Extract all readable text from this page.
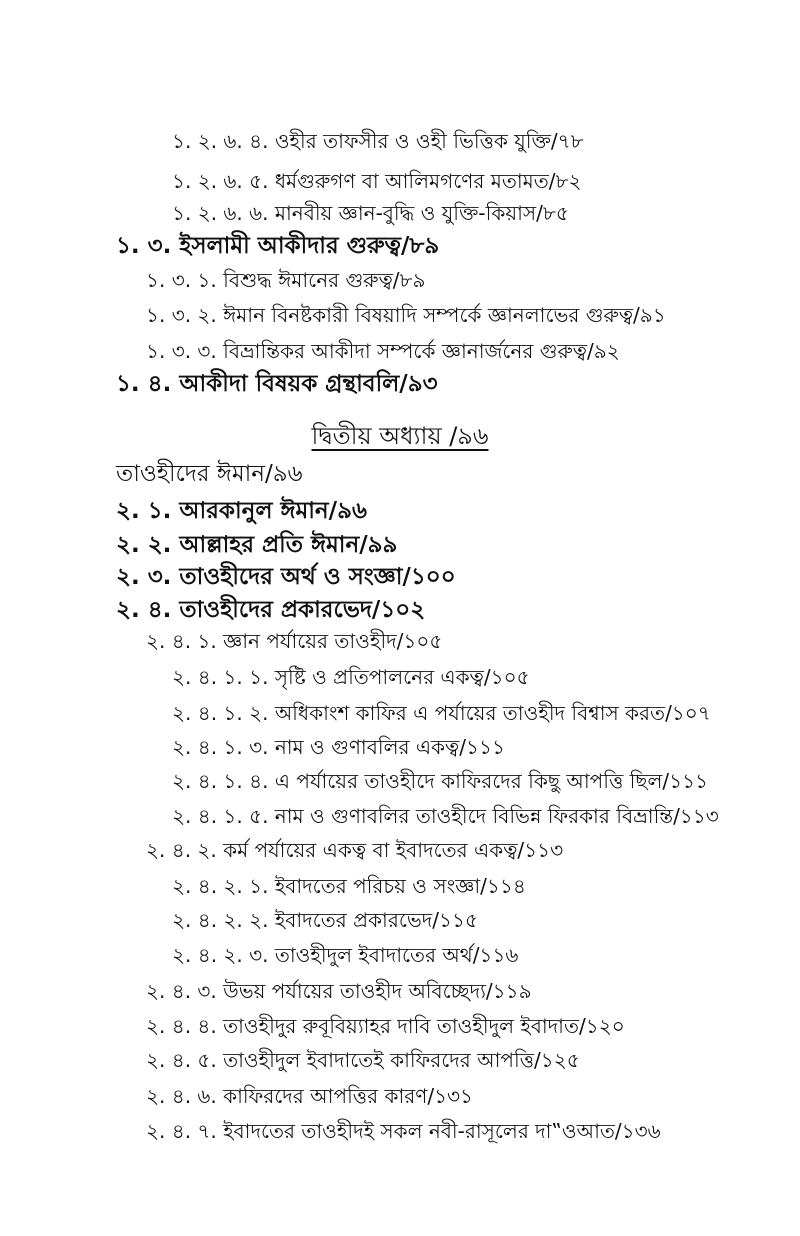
১. ২. ৬. ৪. ওহীর তাফসীর ও ওহী ভিত্তিক যুক্তি/৭৮
১. ২. ৬. ৫. ধর্মগুরুগণ বা আলিমগণের মতামত/৮২
১. ২. ৬. ৬. মানবীয় জ্ঞান-বুদ্ধি ও যুক্তি-কিয়াস/৮৫
১. ৩. ইসলামী আকীদার গুরুত্ব/৮৯
১. ৩. ১. বিশুদ্ধ ঈমানের গুরুত্ব/৮৯
১. ৩. ২. ঈমান বিনষ্টকারী বিষয়াদি সম্পর্কে জ্ঞানলাভের গুরুত্ব/৯১
১. ৩. ৩. বিভ্রান্তিকর আকীদা সম্পর্কে জ্ঞানার্জনের গুরুত্ব/৯২
১. ৪. আকীদা বিষয়ক গ্রন্থাবলি/৯৩
দ্বিতীয় অধ্যায় /৯৬
তাওহীদের ঈমান/৯৬
২. ১. আরকানুল ঈমান/৯৬
২. ২. আল্লাহর প্রতি ঈমান/৯৯
২. ৩. তাওহীদের অর্থ ও সংজ্ঞা/১০০
২. ৪. তাওহীদের প্রকারভেদ/১০২
২. ৪. ১. জ্ঞান পর্যায়ের তাওহীদ/১০৫
২. ৪. ১. ১. সৃষ্টি ও প্রতিপালনের একত্ব/১০৫
২. ৪. ১. ২. অধিকাংশ কাফির এ পর্যায়ের তাওহীদ বিশ্বাস করত/১০৭
২. ৪. ১. ৩. নাম ও গুণাবলির একত্ব/১১১
২. ৪. ১. ৪. এ পর্যায়ের তাওহীদে কাফিরদের কিছু আপত্তি ছিল/১১১
২. ৪. ১. ৫. নাম ও গুণাবলির তাওহীদে বিভিন্ন ফিরকার বিভ্রান্তি/১১৩
২. ৪. ২. কর্ম পর্যায়ের একত্ব বা ইবাদতের একত্ব/১১৩
২. ৪. ২. ১. ইবাদতের পরিচয় ও সংজ্ঞা/১১৪
২. ৪. ২. ২. ইবাদতের প্রকারভেদ/১১৫
২. ৪. ২. ৩. তাওহীদুল ইবাদাতের অর্থ/১১৬
২. ৪. ৩. উভয় পর্যায়ের তাওহীদ অবিচ্ছেদ্য/১১৯
২. ৪. ৪. তাওহীদুর রুবূবিয়্যাহর দাবি তাওহীদুল ইবাদাত/১২০
২. ৪. ৫. তাওহীদুল ইবাদাতেই কাফিরদের আপত্তি/১২৫
২. ৪. ৬. কাফিরদের আপত্তির কারণ/১৩১
২. ৪. ৭. ইবাদতের তাওহীদই সকল নবী-রাসূলের দা‟ওআত/১৩৬
